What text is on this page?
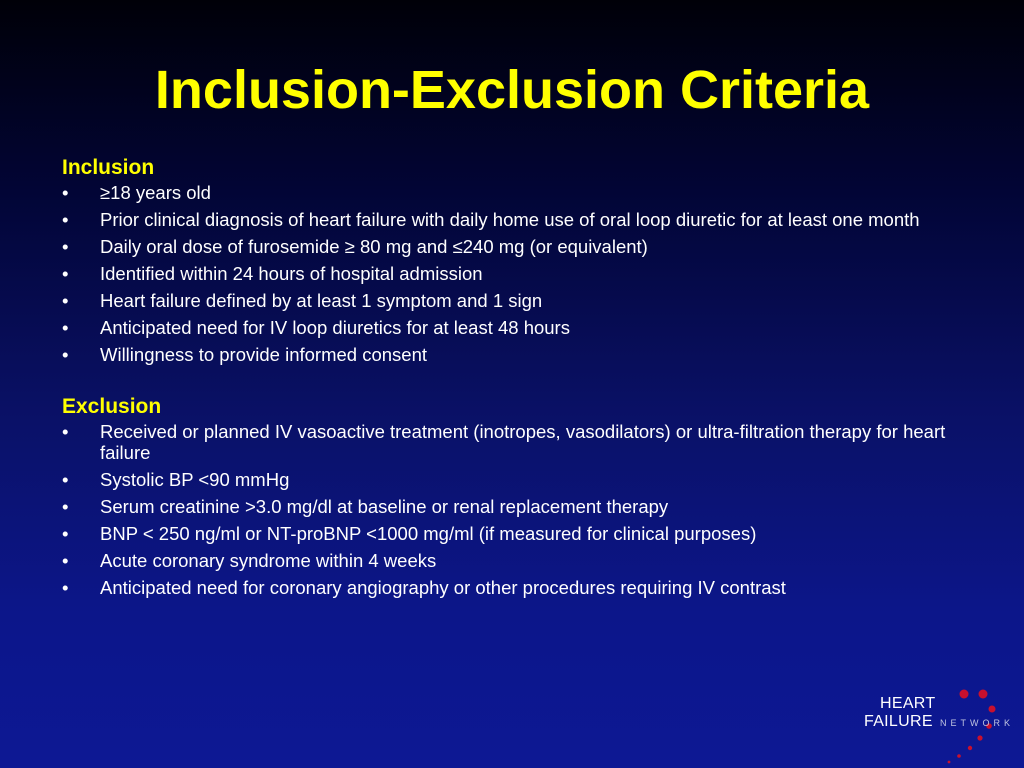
Inclusion-Exclusion Criteria
Inclusion
• ≥18 years old
• Prior clinical diagnosis of heart failure with daily home use of oral loop diuretic for at least one month
• Daily oral dose of furosemide ≥ 80 mg and ≤240 mg (or equivalent)
• Identified within 24 hours of hospital admission
• Heart failure defined by at least 1 symptom and 1 sign
• Anticipated need for IV loop diuretics for at least 48 hours
• Willingness to provide informed consent
Exclusion
• Received or planned IV vasoactive treatment (inotropes, vasodilators) or ultra-filtration therapy for heart failure
• Systolic BP <90 mmHg
• Serum creatinine >3.0 mg/dl at baseline or renal replacement therapy
• BNP < 250 ng/ml or NT-proBNP <1000 mg/ml (if measured for clinical purposes)
• Acute coronary syndrome within 4 weeks
• Anticipated need for coronary angiography or other procedures requiring IV contrast
HEART
FAILURE NETWORK
